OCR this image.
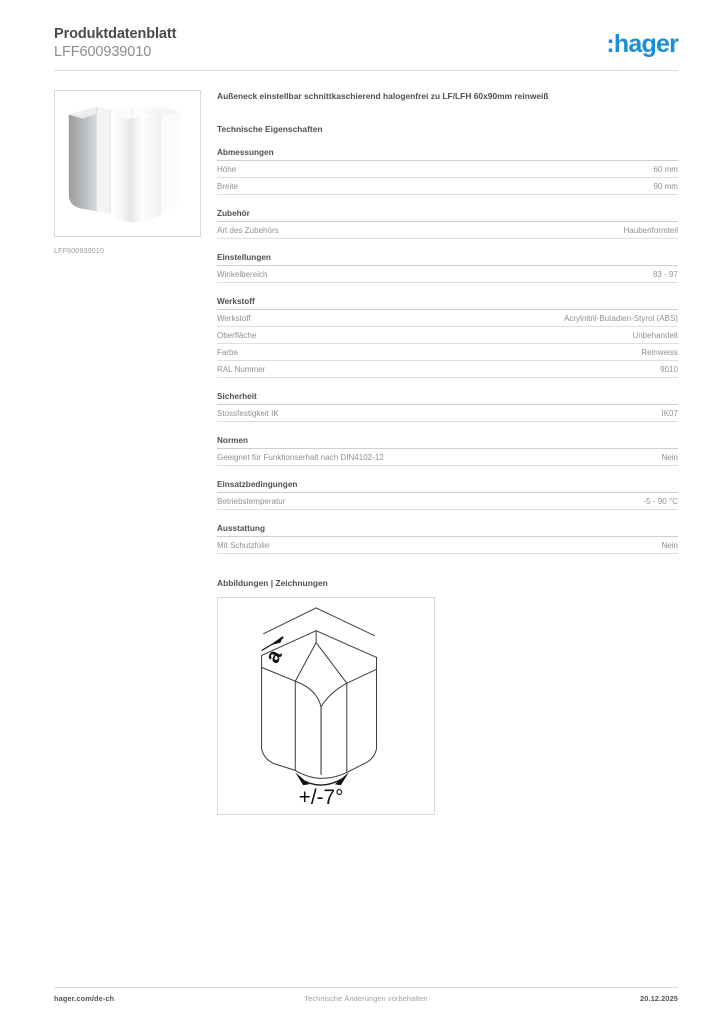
Produktdatenblatt
LFF600939010	:hager
LFF600939010
Außeneck einstellbar schnittkaschierend halogenfrei zu LF/LFH 60x90mm reinweiß
Technische Eigenschaften
Abmessungen
Höhe	60 mm
Breite	90 mm
Zubehör
Art des Zubehörs	Haubenformteil
Einstellungen
Winkelbereich	83 - 97
Werkstoff
Werkstoff	Acrylnitril-Butadien-Styrol (ABS)
Oberfläche	Unbehandelt
Farbe	Reinweiss
RAL Nummer	9010
Sicherheit
Stossfestigkeit IK	IK07
Normen
Geeignet für Funktionserhalt nach DIN4102-12	Nein
Einsatzbedingungen
Betriebstemperatur	-5 - 90 °C
Ausstattung
Mit Schutzfolie	Nein
Abbildungen | Zeichnungen
a
+/-7°
hager.com/de-ch	Technische Änderungen vorbehalten	20.12.2025
